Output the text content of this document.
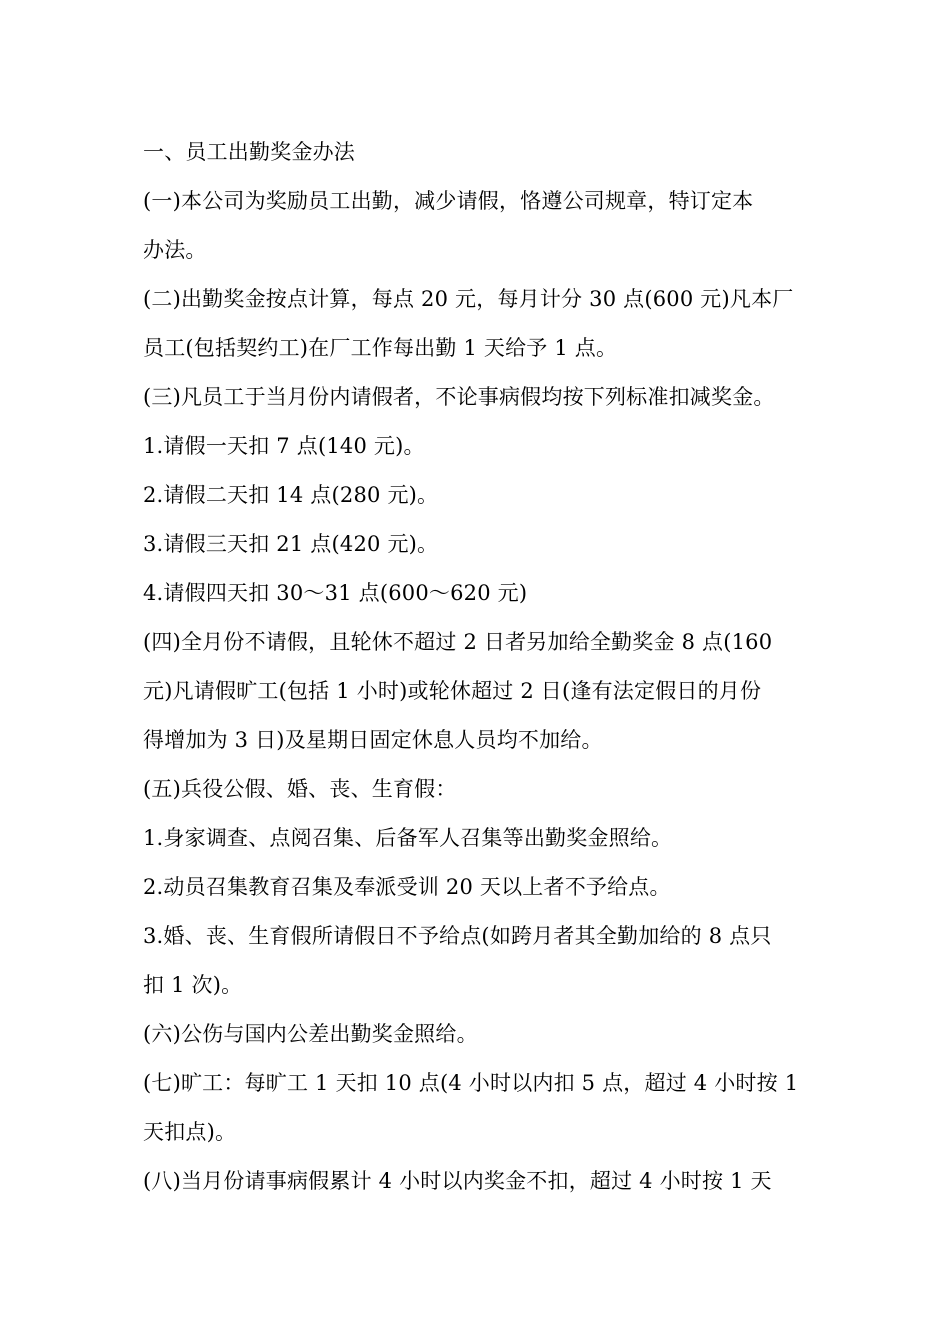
一、员工出勤奖金办法
(一)本公司为奖励员工出勤，减少请假，恪遵公司规章，特订定本
办法。
(二)出勤奖金按点计算，每点 20 元，每月计分 30 点(600 元)凡本厂
员工(包括契约工)在厂工作每出勤 1 天给予 1 点。
(三)凡员工于当月份内请假者，不论事病假均按下列标准扣减奖金。
1.请假一天扣 7 点(140 元)。
2.请假二天扣 14 点(280 元)。
3.请假三天扣 21 点(420 元)。
4.请假四天扣 30～31 点(600～620 元)
(四)全月份不请假，且轮休不超过 2 日者另加给全勤奖金 8 点(160
元)凡请假旷工(包括 1 小时)或轮休超过 2 日(逢有法定假日的月份
得增加为 3 日)及星期日固定休息人员均不加给。
(五)兵役公假、婚、丧、生育假：
1.身家调查、点阅召集、后备军人召集等出勤奖金照给。
2.动员召集教育召集及奉派受训 20 天以上者不予给点。
3.婚、丧、生育假所请假日不予给点(如跨月者其全勤加给的 8 点只
扣 1 次)。
(六)公伤与国内公差出勤奖金照给。
(七)旷工：每旷工 1 天扣 10 点(4 小时以内扣 5 点，超过 4 小时按 1
天扣点)。
(八)当月份请事病假累计 4 小时以内奖金不扣，超过 4 小时按 1 天
